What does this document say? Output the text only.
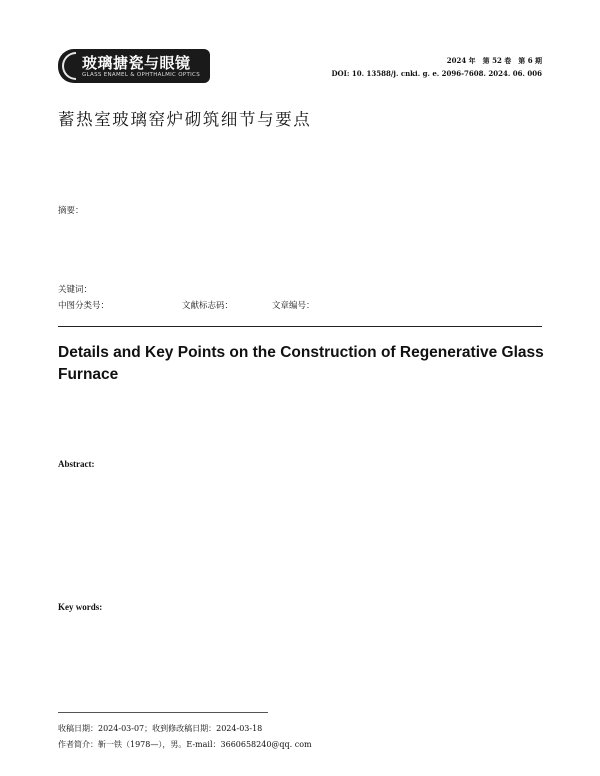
玻璃搪瓷与眼镜
GLASS ENAMEL & OPHTHALMIC OPTICS
2024 年　第 52 卷　第 6 期
DOI: 10. 13588/j. cnki. g. e. 2096-7608. 2024. 06. 006
蓄热室玻璃窑炉砌筑细节与要点
摘要：
关键词：
中图分类号：	文献标志码：	文章编号：
Details and Key Points on the Construction of Regenerative Glass Furnace
Abstract:
Key words:
收稿日期：2024-03-07；收到修改稿日期：2024-03-18
作者简介：靳一铁（1978—），男。E-mail：3660658240@qq. com
